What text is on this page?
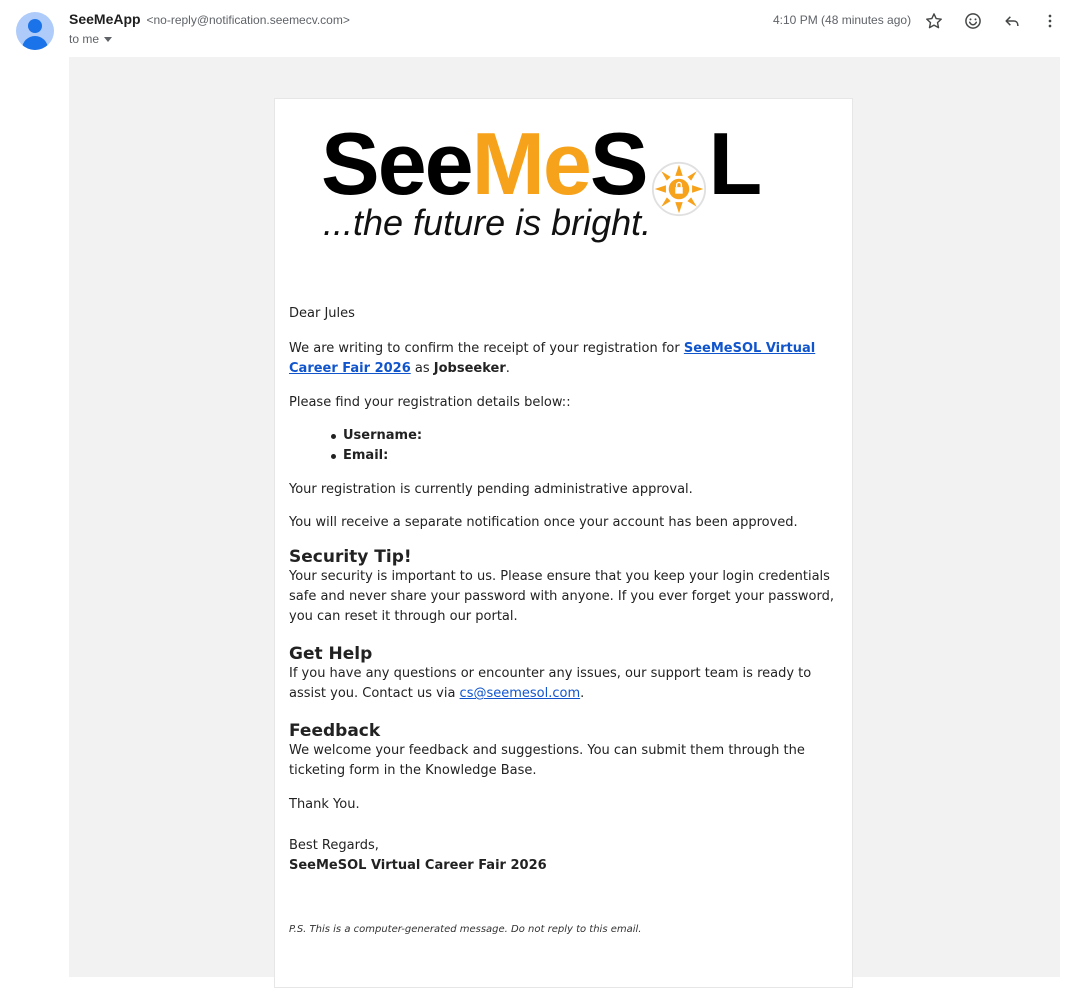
SeeMeApp <no-reply@notification.seemecv.com>
to me
4:10 PM (48 minutes ago)
SeeMeS L
...the future is bright.

Dear Jules

We are writing to confirm the receipt of your registration for SeeMeSOL Virtual Career Fair 2026 as Jobseeker.

Please find your registration details below::

Username:
Email:

Your registration is currently pending administrative approval.

You will receive a separate notification once your account has been approved.

Security Tip!

Your security is important to us. Please ensure that you keep your login credentials safe and never share your password with anyone. If you ever forget your password, you can reset it through our portal.

Get Help

If you have any questions or encounter any issues, our support team is ready to assist you. Contact us via cs@seemesol.com.

Feedback

We welcome your feedback and suggestions. You can submit them through the ticketing form in the Knowledge Base.

Thank You.

Best Regards,

SeeMeSOL Virtual Career Fair 2026

P.S. This is a computer-generated message. Do not reply to this email.
